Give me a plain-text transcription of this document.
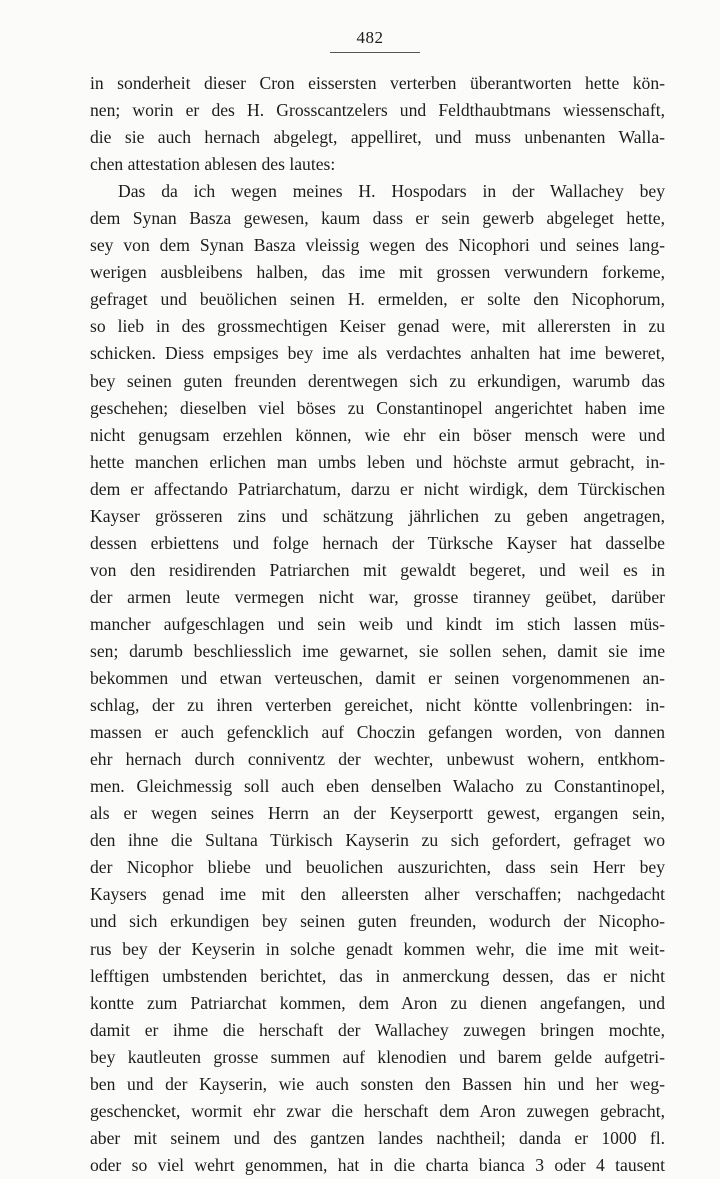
482
in sonderheit dieser Cron eissersten verterben überantworten hette kön-
nen; worin er des H. Grosscantzelers und Feldthaubtmans wiessenschaft,
die sie auch hernach abgelegt, appelliret, und muss unbenanten Walla-
chen attestation ablesen des lautes:
Das da ich wegen meines H. Hospodars in der Wallachey bey
dem Synan Basza gewesen, kaum dass er sein gewerb abgeleget hette,
sey von dem Synan Basza vleissig wegen des Nicophori und seines lang-
werigen ausbleibens halben, das ime mit grossen verwundern forkeme,
gefraget und beuölichen seinen H. ermelden, er solte den Nicophorum,
so lieb in des grossmechtigen Keiser genad were, mit allerersten in zu
schicken. Diess empsiges bey ime als verdachtes anhalten hat ime beweret,
bey seinen guten freunden derentwegen sich zu erkundigen, warumb das
geschehen; dieselben viel böses zu Constantinopel angerichtet haben ime
nicht genugsam erzehlen können, wie ehr ein böser mensch were und
hette manchen erlichen man umbs leben und höchste armut gebracht, in-
dem er affectando Patriarchatum, darzu er nicht wirdigk, dem Türckischen
Kayser grösseren zins und schätzung jährlichen zu geben angetragen,
dessen erbiettens und folge hernach der Türksche Kayser hat dasselbe
von den residirenden Patriarchen mit gewaldt begeret, und weil es in
der armen leute vermegen nicht war, grosse tiranney geübet, darüber
mancher aufgeschlagen und sein weib und kindt im stich lassen müs-
sen; darumb beschliesslich ime gewarnet, sie sollen sehen, damit sie ime
bekommen und etwan verteuschen, damit er seinen vorgenommenen an-
schlag, der zu ihren verterben gereichet, nicht köntte vollenbringen: in-
massen er auch gefencklich auf Choczin gefangen worden, von dannen
ehr hernach durch conniventz der wechter, unbewust wohern, entkhom-
men. Gleichmessig soll auch eben denselben Walacho zu Constantinopel,
als er wegen seines Herrn an der Keyserportt gewest, ergangen sein,
den ihne die Sultana Türkisch Kayserin zu sich gefordert, gefraget wo
der Nicophor bliebe und beuolichen auszurichten, dass sein Herr bey
Kaysers genad ime mit den alleersten alher verschaffen; nachgedacht
und sich erkundigen bey seinen guten freunden, wodurch der Nicopho-
rus bey der Keyserin in solche genadt kommen wehr, die ime mit weit-
lefftigen umbstenden berichtet, das in anmerckung dessen, das er nicht
kontte zum Patriarchat kommen, dem Aron zu dienen angefangen, und
damit er ihme die herschaft der Wallachey zuwegen bringen mochte,
bey kautleuten grosse summen auf klenodien und barem gelde aufgetri-
ben und der Kayserin, wie auch sonsten den Bassen hin und her weg-
geschencket, wormit ehr zwar die herschaft dem Aron zuwegen gebracht,
aber mit seinem und des gantzen landes nachtheil; danda er 1000 fl.
oder so viel wehrt genommen, hat in die charta bianca 3 oder 4 tausent
